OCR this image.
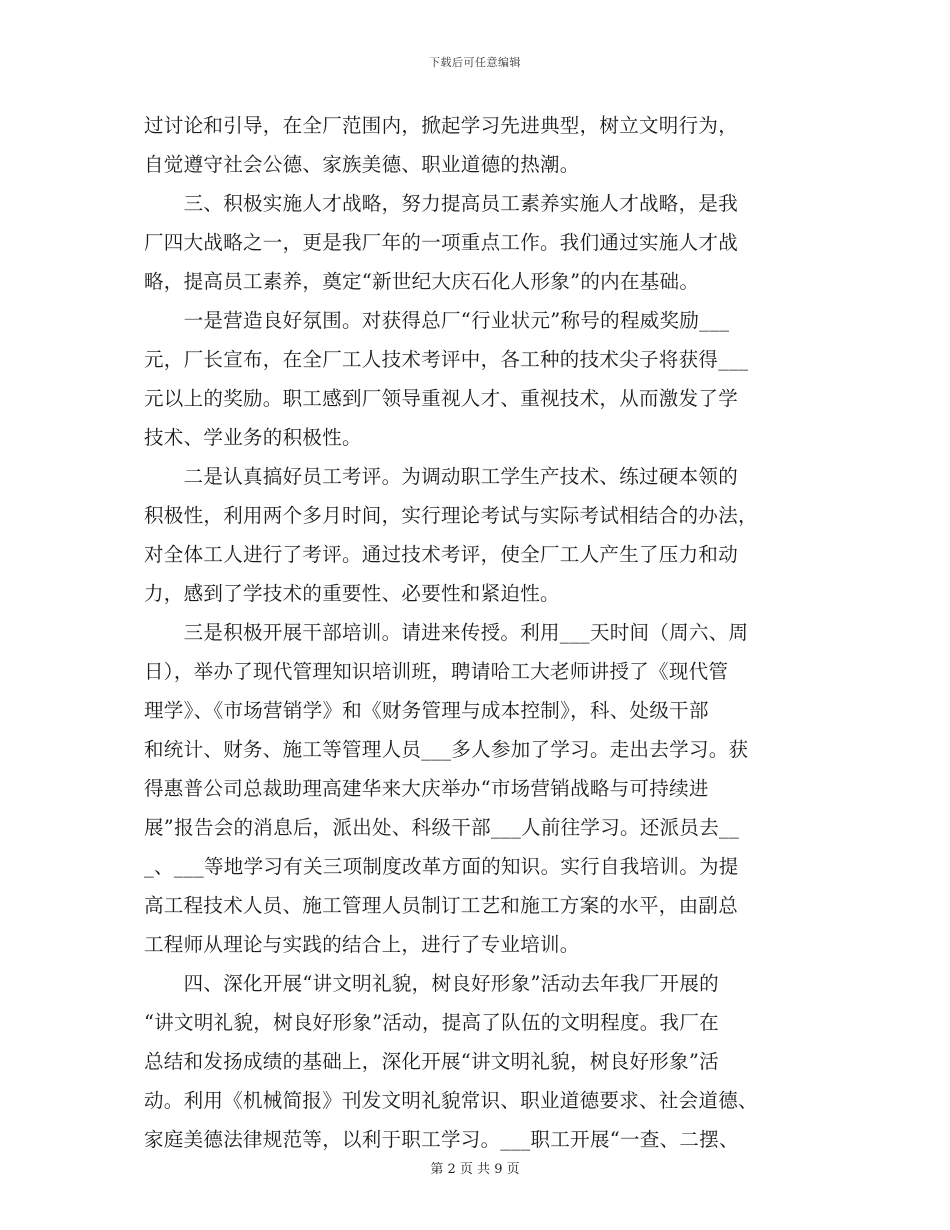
下载后可任意编辑
过讨论和引导，在全厂范围内，掀起学习先进典型，树立文明行为，
自觉遵守社会公德、家族美德、职业道德的热潮。
　　三、积极实施人才战略，努力提高员工素养实施人才战略，是我
厂四大战略之一，更是我厂年的一项重点工作。我们通过实施人才战
略，提高员工素养，奠定“新世纪大庆石化人形象”的内在基础。
　　一是营造良好氛围。对获得总厂“行业状元”称号的程威奖励___
元，厂长宣布，在全厂工人技术考评中，各工种的技术尖子将获得___
元以上的奖励。职工感到厂领导重视人才、重视技术，从而激发了学
技术、学业务的积极性。
　　二是认真搞好员工考评。为调动职工学生产技术、练过硬本领的
积极性，利用两个多月时间，实行理论考试与实际考试相结合的办法，
对全体工人进行了考评。通过技术考评，使全厂工人产生了压力和动
力，感到了学技术的重要性、必要性和紧迫性。
　　三是积极开展干部培训。请进来传授。利用___天时间（周六、周
日），举办了现代管理知识培训班，聘请哈工大老师讲授了《现代管
理学》、《市场营销学》和《财务管理与成本控制》，科、处级干部
和统计、财务、施工等管理人员___多人参加了学习。走出去学习。获
得惠普公司总裁助理高建华来大庆举办“市场营销战略与可持续进
展”报告会的消息后，派出处、科级干部___人前往学习。还派员去__
_、___等地学习有关三项制度改革方面的知识。实行自我培训。为提
高工程技术人员、施工管理人员制订工艺和施工方案的水平，由副总
工程师从理论与实践的结合上，进行了专业培训。
　　四、深化开展“讲文明礼貌，树良好形象”活动去年我厂开展的
“讲文明礼貌，树良好形象”活动，提高了队伍的文明程度。我厂在
总结和发扬成绩的基础上，深化开展“讲文明礼貌，树良好形象”活
动。利用《机械简报》刊发文明礼貌常识、职业道德要求、社会道德、
家庭美德法律规范等，以利于职工学习。___职工开展“一查、二摆、
第 2 页 共 9 页
